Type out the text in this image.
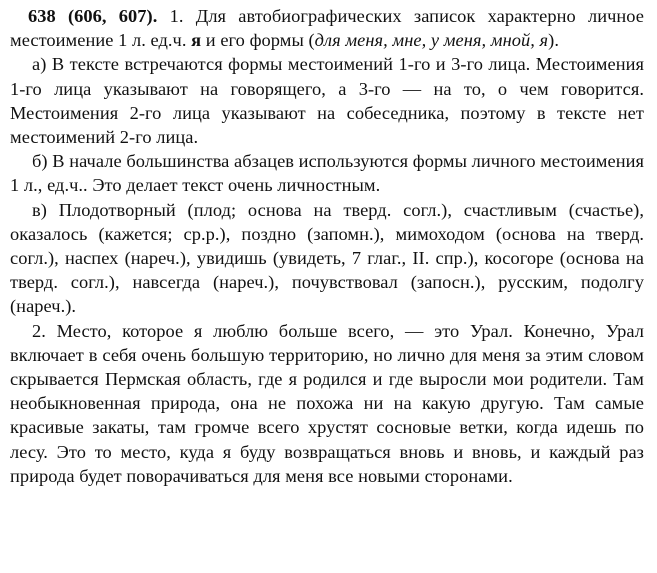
638 (606, 607). 1. Для автобиографических записок характерно личное местоимение 1 л. ед.ч. я и его формы (для меня, мне, у меня, мной, я).

а) В тексте встречаются формы местоимений 1-го и 3-го лица. Местоимения 1-го лица указывают на говорящего, а 3-го — на то, о чем говорится. Местоимения 2-го лица указывают на собеседника, поэтому в тексте нет местоимений 2-го лица.

б) В начале большинства абзацев используются формы личного местоимения 1 л., ед.ч.. Это делает текст очень личностным.

в) Плодотворный (плод; основа на тверд. согл.), счастливым (счастье), оказалось (кажется; ср.р.), поздно (запомн.), мимоходом (основа на тверд. согл.), наспех (нареч.), увидишь (увидеть, 7 глаг., II. спр.), косогоре (основа на тверд. согл.), навсегда (нареч.), почувствовал (запосн.), русским, подолгу (нареч.).

2. Место, которое я люблю больше всего, — это Урал. Конечно, Урал включает в себя очень большую территорию, но лично для меня за этим словом скрывается Пермская область, где я родился и где выросли мои родители. Там необыкновенная природа, она не похожа ни на какую другую. Там самые красивые закаты, там громче всего хрустят сосновые ветки, когда идешь по лесу. Это то место, куда я буду возвращаться вновь и вновь, и каждый раз природа будет поворачиваться для меня все новыми сторонами.
